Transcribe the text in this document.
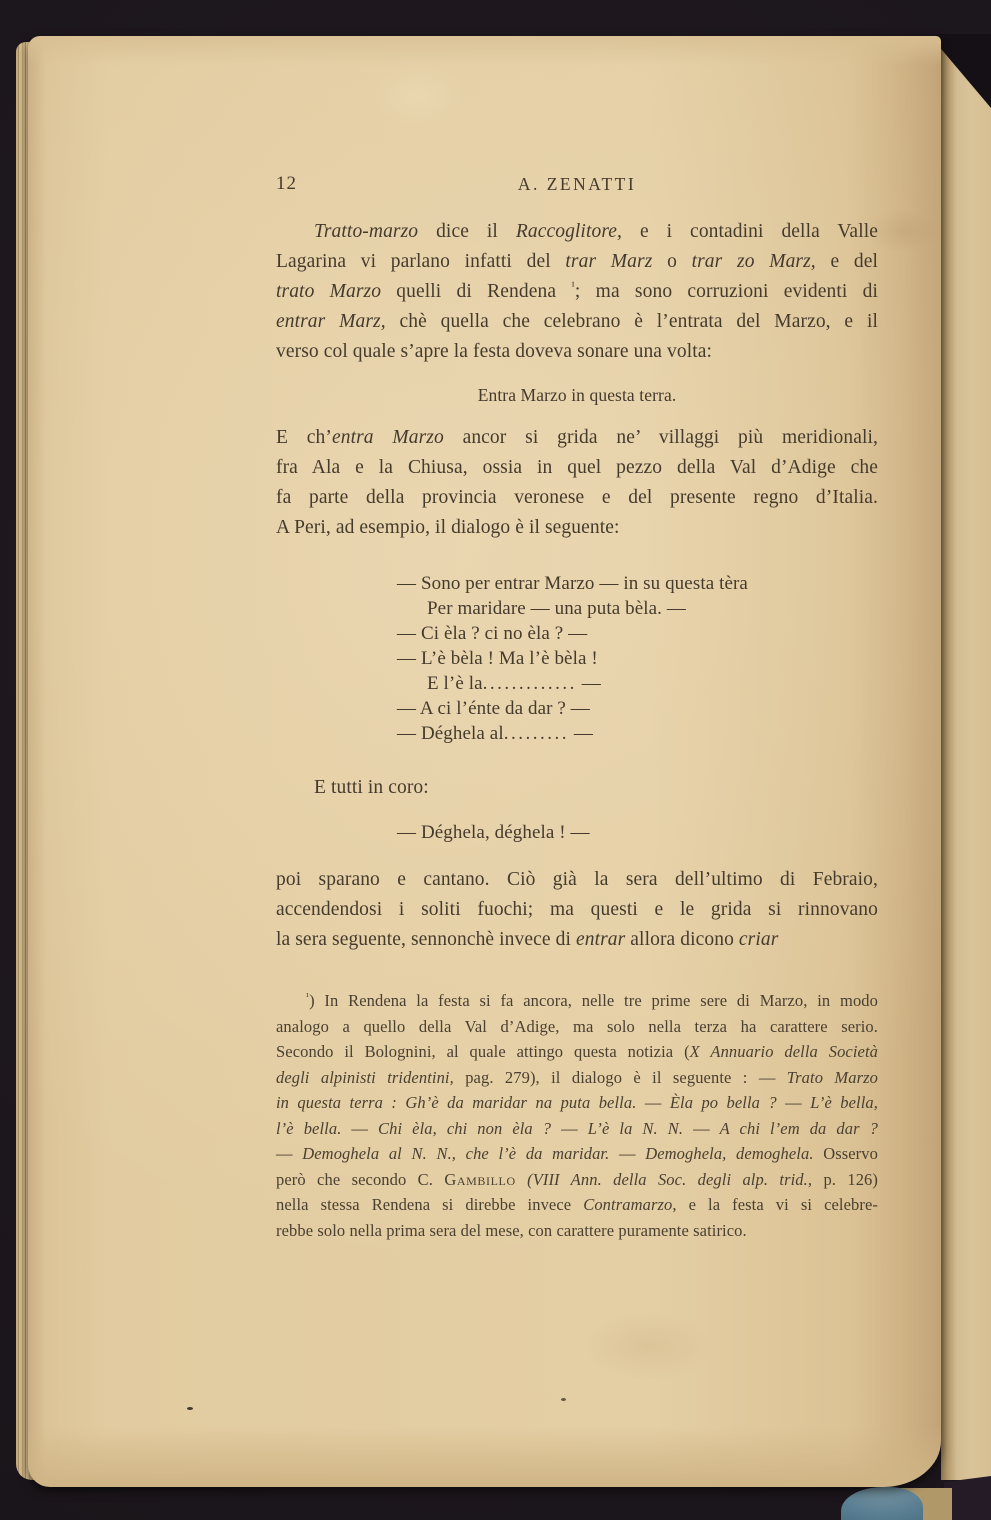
12	A. ZENATTI
Tratto-marzo dice il Raccoglitore, e i contadini della Valle
Lagarina vi parlano infatti del trar Marz o trar zo Marz, e del
trato Marzo quelli di Rendena $^{^1}$; ma sono corruzioni evidenti di
entrar Marz, chè quella che celebrano è l’entrata del Marzo, e il
verso col quale s’apre la festa doveva sonare una volta:
Entra Marzo in questa terra.
E ch’entra Marzo ancor si grida ne’ villaggi più meridionali,
fra Ala e la Chiusa, ossia in quel pezzo della Val d’Adige che
fa parte della provincia veronese e del presente regno d’Italia.
A Peri, ad esempio, il dialogo è il seguente:
— Sono per entrar Marzo — in su questa tèra
Per maridare — una puta bèla. —
— Ci èla ? ci no èla ? —
— L’è bèla ! Ma l’è bèla !
E l’è la............. —
— A ci l’énte da dar ? —
— Déghela al......... —
E tutti in coro:
— Déghela, déghela ! —
poi sparano e cantano. Ciò già la sera dell’ultimo di Febraio,
accendendosi i soliti fuochi; ma questi e le grida si rinnovano
la sera seguente, sennonchè invece di entrar allora dicono criar
$^{^1}$) In Rendena la festa si fa ancora, nelle tre prime sere di Marzo, in modo
analogo a quello della Val d’Adige, ma solo nella terza ha carattere serio.
Secondo il Bolognini, al quale attingo questa notizia (X Annuario della Società
degli alpinisti tridentini, pag. 279), il dialogo è il seguente : — Trato Marzo
in questa terra : Gh’è da maridar na puta bella. — Èla po bella ? — L’è bella,
l’è bella. — Chi èla, chi non èla ? — L’è la N. N. — A chi l’em da dar ?
— Demoghela al N. N., che l’è da maridar. — Demoghela, demoghela. Osservo
però che secondo C. Gambillo (VIII Ann. della Soc. degli alp. trid., p. 126)
nella stessa Rendena si direbbe invece Contramarzo, e la festa vi si celebre-
rebbe solo nella prima sera del mese, con carattere puramente satirico.
